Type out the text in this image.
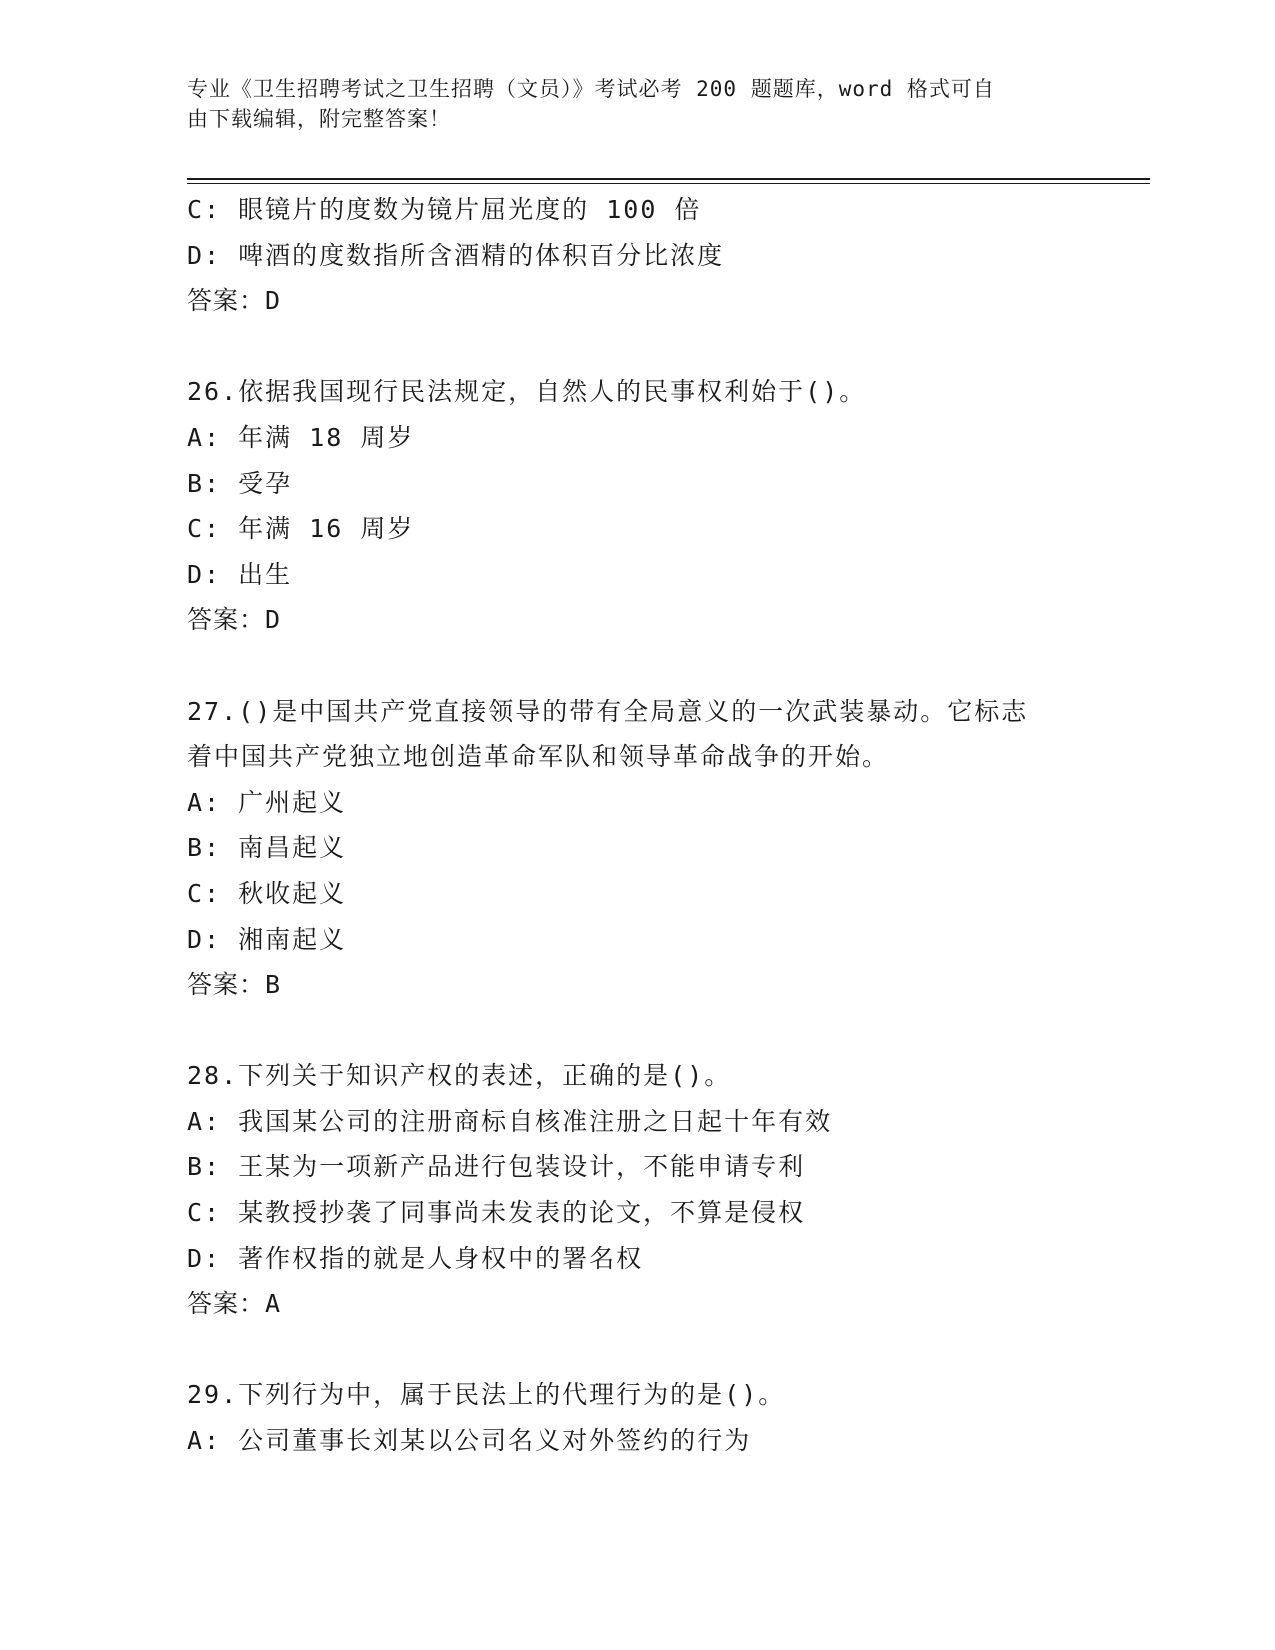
专业《卫生招聘考试之卫生招聘（文员）》考试必考 200 题题库，word 格式可自
由下载编辑，附完整答案！
C: 眼镜片的度数为镜片屈光度的 100 倍
D: 啤酒的度数指所含酒精的体积百分比浓度
答案：D
26.依据我国现行民法规定，自然人的民事权利始于()。
A: 年满 18 周岁
B: 受孕
C: 年满 16 周岁
D: 出生
答案：D
27.()是中国共产党直接领导的带有全局意义的一次武装暴动。它标志
着中国共产党独立地创造革命军队和领导革命战争的开始。
A: 广州起义
B: 南昌起义
C: 秋收起义
D: 湘南起义
答案：B
28.下列关于知识产权的表述，正确的是()。
A: 我国某公司的注册商标自核准注册之日起十年有效
B: 王某为一项新产品进行包装设计，不能申请专利
C: 某教授抄袭了同事尚未发表的论文，不算是侵权
D: 著作权指的就是人身权中的署名权
答案：A
29.下列行为中，属于民法上的代理行为的是()。
A: 公司董事长刘某以公司名义对外签约的行为
